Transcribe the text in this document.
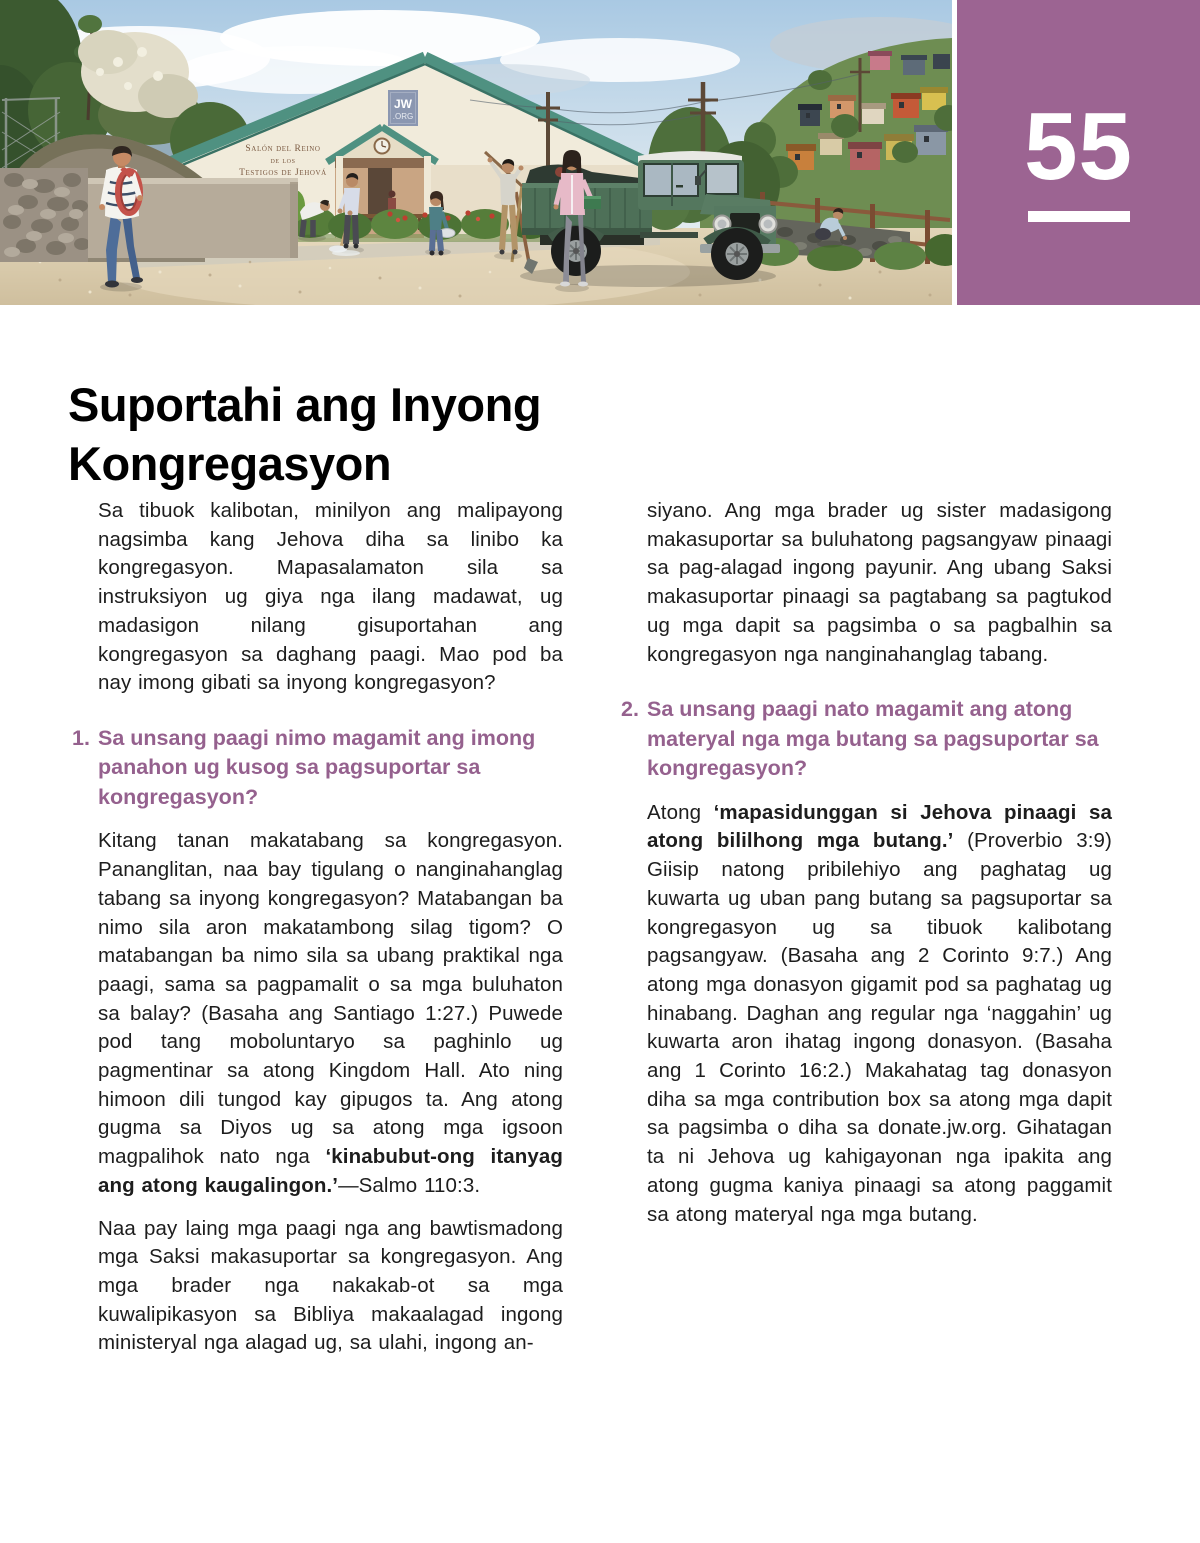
JW
.ORG
Salón del Reino
de los
Testigos de Jehová	55
Suportahi ang Inyong Kongregasyon

Sa tibuok kalibotan, minilyon ang malipayong nagsimba kang Jehova diha sa linibo ka kongregasyon. Mapasalamaton sila sa instruksiyon ug giya nga ilang madawat, ug madasigon nilang gisuportahan ang kongregasyon sa daghang paagi. Mao pod ba nay imong gibati sa inyong kongregasyon?

1. Sa unsang paagi nimo magamit ang imong panahon ug kusog sa pagsuportar sa kongregasyon?

Kitang tanan makatabang sa kongregasyon. Pananglitan, naa bay tigulang o nanginahanglag tabang sa inyong kongregasyon? Matabangan ba nimo sila aron makatambong silag tigom? O matabangan ba nimo sila sa ubang praktikal nga paagi, sama sa pagpamalit o sa mga buluhaton sa balay? (Basaha ang Santiago 1:27.) Puwede pod tang moboluntaryo sa paghinlo ug pagmentinar sa atong Kingdom Hall. Ato ning himoon dili tungod kay gipugos ta. Ang atong gugma sa Diyos ug sa atong mga igsoon magpalihok nato nga ‘kinabubut-ong itanyag ang atong kaugalingon.’—Salmo 110:3.

Naa pay laing mga paagi nga ang bawtismadong mga Saksi makasuportar sa kongregasyon. Ang mga brader nga nakakab-ot sa mga kuwalipikasyon sa Bibliya makaalagad ingong ministeryal nga alagad ug, sa ulahi, ingong an-

siyano. Ang mga brader ug sister madasigong makasuportar sa buluhatong pagsangyaw pinaagi sa pag-alagad ingong payunir. Ang ubang Saksi makasuportar pinaagi sa pagtabang sa pagtukod ug mga dapit sa pagsimba o sa pagbalhin sa kongregasyon nga nanginahanglag tabang.

2. Sa unsang paagi nato magamit ang atong materyal nga mga butang sa pagsuportar sa kongregasyon?

Atong ‘mapasidunggan si Jehova pinaagi sa atong bililhong mga butang.’ (Proverbio 3:9) Giisip natong pribilehiyo ang paghatag ug kuwarta ug uban pang butang sa pagsuportar sa kongregasyon ug sa tibuok kalibotang pagsangyaw. (Basaha ang 2 Corinto 9:7.) Ang atong mga donasyon gigamit pod sa paghatag ug hinabang. Daghan ang regular nga ‘naggahin’ ug kuwarta aron ihatag ingong donasyon. (Basaha ang 1 Corinto 16:2.) Makahatag tag donasyon diha sa mga contribution box sa atong mga dapit sa pagsimba o diha sa donate.jw.org. Gihatagan ta ni Jehova ug kahigayonan nga ipakita ang atong gugma kaniya pinaagi sa atong paggamit sa atong materyal nga mga butang.
